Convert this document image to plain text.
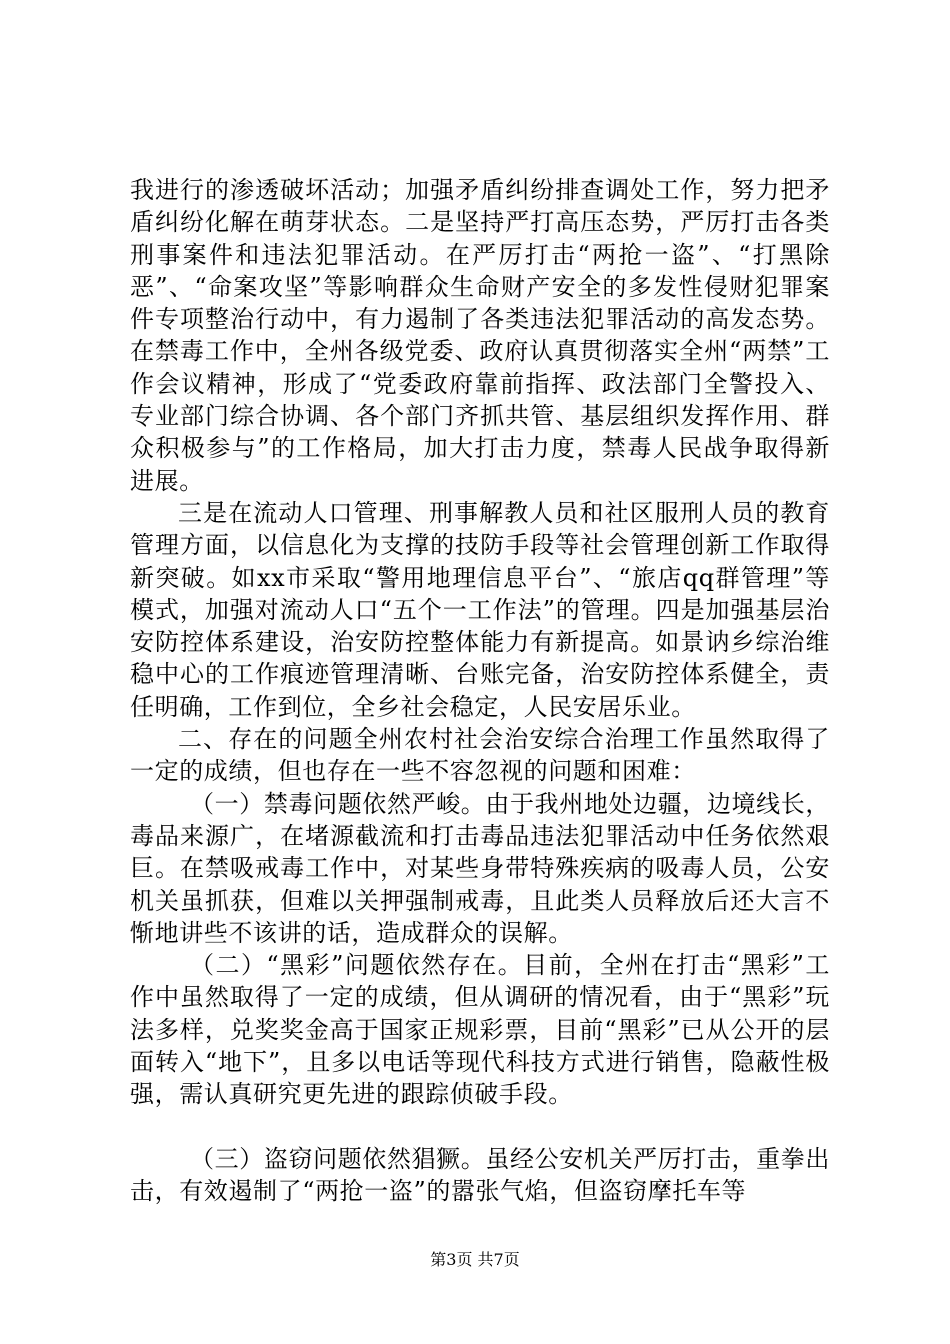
我进行的渗透破坏活动；加强矛盾纠纷排查调处工作，努力把矛盾纠纷化解在萌芽状态。二是坚持严打高压态势，严厉打击各类刑事案件和违法犯罪活动。在严厉打击“两抢一盗”、“打黑除恶”、“命案攻坚”等影响群众生命财产安全的多发性侵财犯罪案件专项整治行动中，有力遏制了各类违法犯罪活动的高发态势。在禁毒工作中，全州各级党委、政府认真贯彻落实全州“两禁”工作会议精神，形成了“党委政府靠前指挥、政法部门全警投入、专业部门综合协调、各个部门齐抓共管、基层组织发挥作用、群众积极参与”的工作格局，加大打击力度，禁毒人民战争取得新进展。

三是在流动人口管理、刑事解教人员和社区服刑人员的教育管理方面，以信息化为支撑的技防手段等社会管理创新工作取得新突破。如xx市采取“警用地理信息平台”、“旅店qq群管理”等模式，加强对流动人口“五个一工作法”的管理。四是加强基层治安防控体系建设，治安防控整体能力有新提高。如景讷乡综治维稳中心的工作痕迹管理清晰、台账完备，治安防控体系健全，责任明确，工作到位，全乡社会稳定，人民安居乐业。

二、存在的问题全州农村社会治安综合治理工作虽然取得了一定的成绩，但也存在一些不容忽视的问题和困难：

（一）禁毒问题依然严峻。由于我州地处边疆，边境线长，毒品来源广，在堵源截流和打击毒品违法犯罪活动中任务依然艰巨。在禁吸戒毒工作中，对某些身带特殊疾病的吸毒人员，公安机关虽抓获，但难以关押强制戒毒，且此类人员释放后还大言不惭地讲些不该讲的话，造成群众的误解。

（二）“黑彩”问题依然存在。目前，全州在打击“黑彩”工作中虽然取得了一定的成绩，但从调研的情况看，由于“黑彩”玩法多样，兑奖奖金高于国家正规彩票，目前“黑彩”已从公开的层面转入“地下”，且多以电话等现代科技方式进行销售，隐蔽性极强，需认真研究更先进的跟踪侦破手段。

（三）盗窃问题依然猖獗。虽经公安机关严厉打击，重拳出击，有效遏制了“两抢一盗”的嚣张气焰，但盗窃摩托车等

第3页 共7页
